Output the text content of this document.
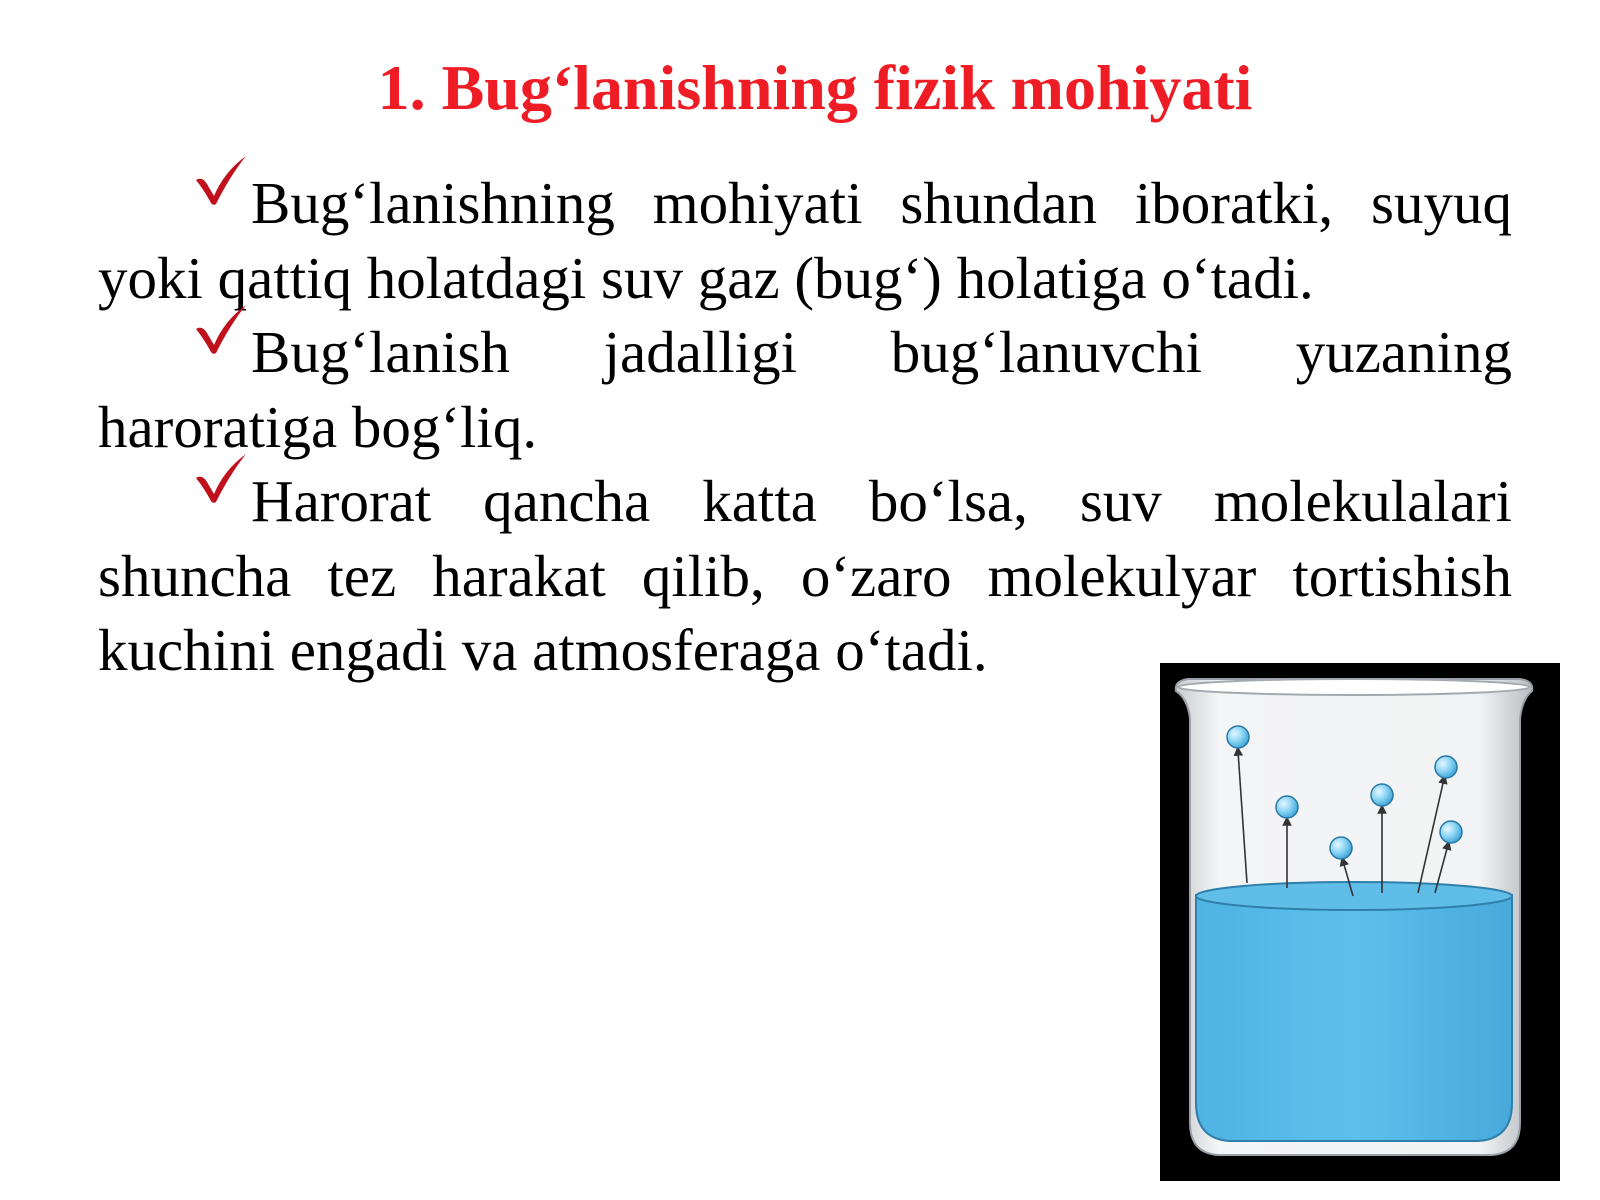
1. Bug‘lanishning fizik mohiyati

Bug‘lanishning mohiyati shundan iboratki, suyuq yoki qattiq holatdagi suv gaz (bug‘) holatiga o‘tadi.

Bug‘lanish jadalligi bug‘lanuvchi yuzaning haroratiga bog‘liq.

Harorat qancha katta bo‘lsa, suv molekulalari shuncha tez harakat qilib, o‘zaro molekulyar tortishish kuchini engadi va atmosferaga o‘tadi.
